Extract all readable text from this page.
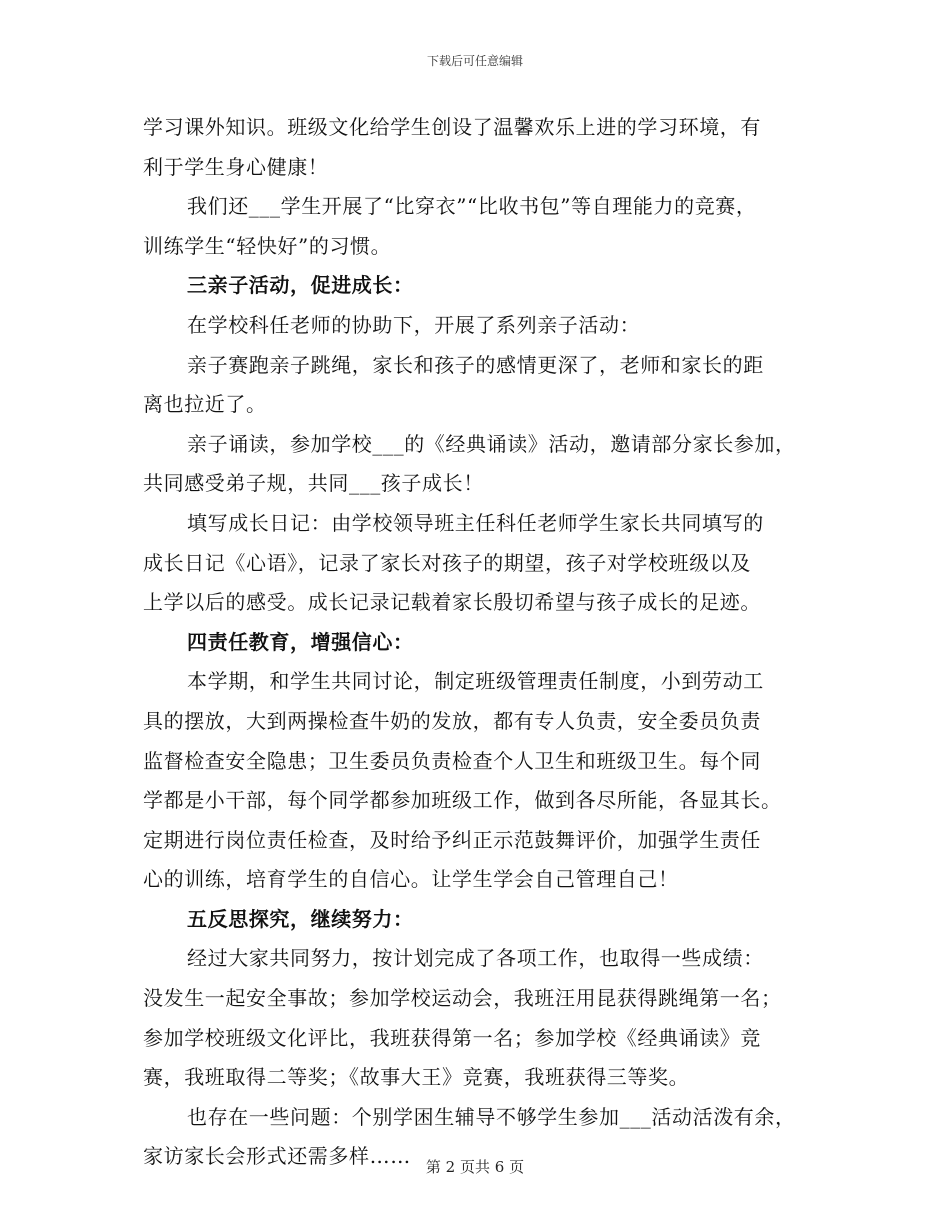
下载后可任意编辑
学习课外知识。班级文化给学生创设了温馨欢乐上进的学习环境，有
利于学生身心健康！
我们还___学生开展了“比穿衣”“比收书包”等自理能力的竞赛，
训练学生“轻快好”的习惯。
三亲子活动，促进成长：
在学校科任老师的协助下，开展了系列亲子活动：
亲子赛跑亲子跳绳，家长和孩子的感情更深了，老师和家长的距
离也拉近了。
亲子诵读，参加学校___的《经典诵读》活动，邀请部分家长参加，
共同感受弟子规，共同___孩子成长！
填写成长日记：由学校领导班主任科任老师学生家长共同填写的
成长日记《心语》，记录了家长对孩子的期望，孩子对学校班级以及
上学以后的感受。成长记录记载着家长殷切希望与孩子成长的足迹。
四责任教育，增强信心：
本学期，和学生共同讨论，制定班级管理责任制度，小到劳动工
具的摆放，大到两操检查牛奶的发放，都有专人负责，安全委员负责
监督检查安全隐患；卫生委员负责检查个人卫生和班级卫生。每个同
学都是小干部，每个同学都参加班级工作，做到各尽所能，各显其长。
定期进行岗位责任检查，及时给予纠正示范鼓舞评价，加强学生责任
心的训练，培育学生的自信心。让学生学会自己管理自己！
五反思探究，继续努力：
经过大家共同努力，按计划完成了各项工作，也取得一些成绩：
没发生一起安全事故；参加学校运动会，我班汪用昆获得跳绳第一名；
参加学校班级文化评比，我班获得第一名；参加学校《经典诵读》竞
赛，我班取得二等奖；《故事大王》竞赛，我班获得三等奖。
也存在一些问题：个别学困生辅导不够学生参加___活动活泼有余，
家访家长会形式还需多样……	第 2 页共 6 页
